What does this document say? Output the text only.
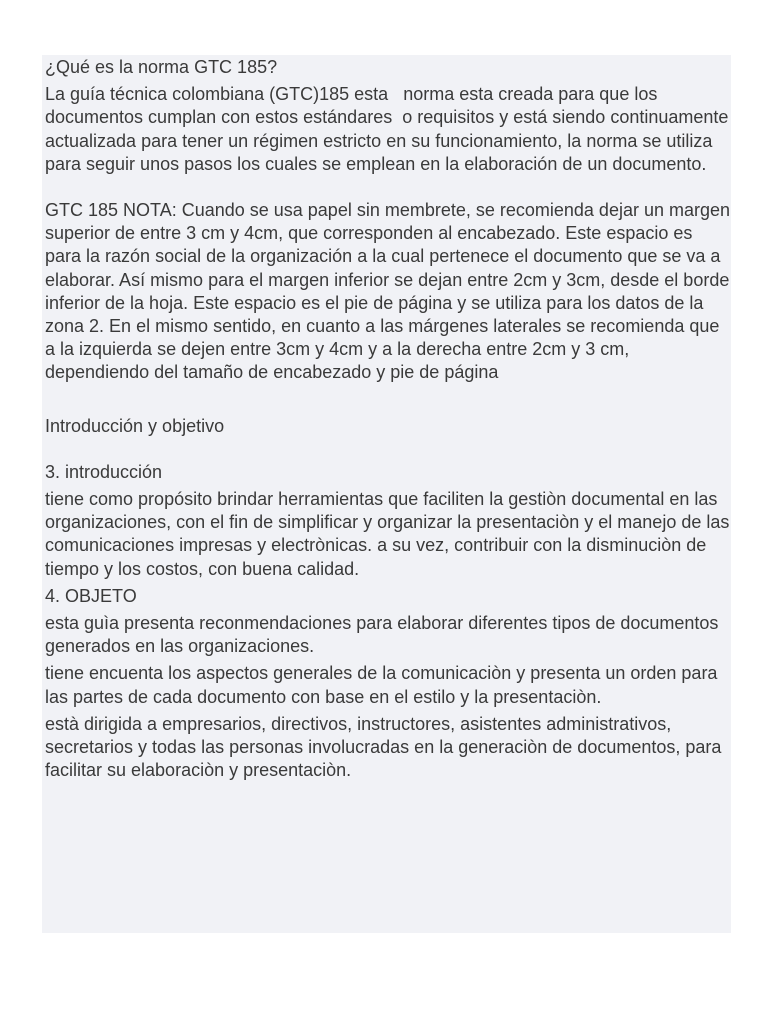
¿Qué es la norma GTC 185?

La guía técnica colombiana (GTC)185 esta   norma esta creada para que los documentos cumplan con estos estándares  o requisitos y está siendo continuamente actualizada para tener un régimen estricto en su funcionamiento, la norma se utiliza para seguir unos pasos los cuales se emplean en la elaboración de un documento.

GTC 185 NOTA: Cuando se usa papel sin membrete, se recomienda dejar un margen superior de entre 3 cm y 4cm, que corresponden al encabezado. Este espacio es para la razón social de la organización a la cual pertenece el documento que se va a elaborar. Así mismo para el margen inferior se dejan entre 2cm y 3cm, desde el borde inferior de la hoja. Este espacio es el pie de página y se utiliza para los datos de la zona 2. En el mismo sentido, en cuanto a las márgenes laterales se recomienda que a la izquierda se dejen entre 3cm y 4cm y a la derecha entre 2cm y 3 cm, dependiendo del tamaño de encabezado y pie de página

Introducción y objetivo

3. introducción

tiene como propósito brindar herramientas que faciliten la gestiòn documental en las organizaciones, con el fin de simplificar y organizar la presentaciòn y el manejo de las comunicaciones impresas y electrònicas. a su vez, contribuir con la disminuciòn de tiempo y los costos, con buena calidad.

4. OBJETO

esta guìa presenta reconmendaciones para elaborar diferentes tipos de documentos generados en las organizaciones.

tiene encuenta los aspectos generales de la comunicaciòn y presenta un orden para las partes de cada documento con base en el estilo y la presentaciòn.

està dirigida a empresarios, directivos, instructores, asistentes administrativos, secretarios y todas las personas involucradas en la generaciòn de documentos, para facilitar su elaboraciòn y presentaciòn.
